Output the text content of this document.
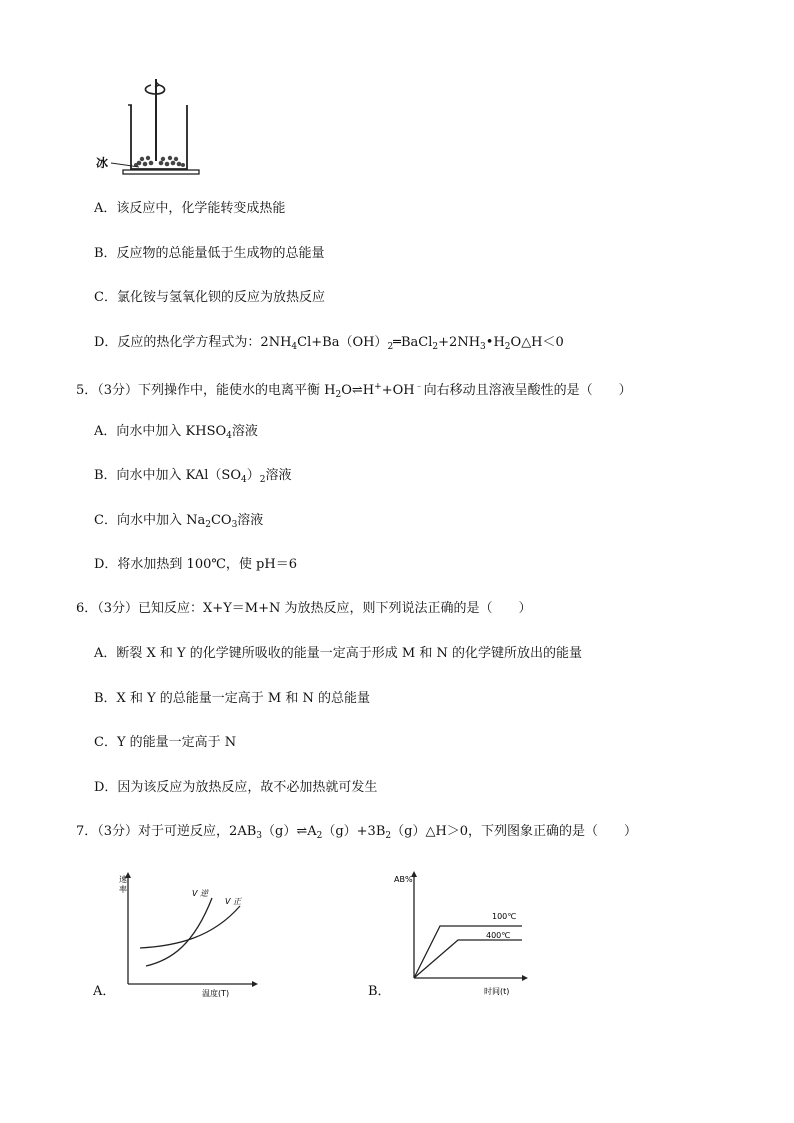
冰
A．该反应中，化学能转变成热能
B．反应物的总能量低于生成物的总能量
C．氯化铵与氢氧化钡的反应为放热反应
D．反应的热化学方程式为：$2NH_4Cl+Ba(OH)_2═BaCl_2+2NH_3•H_2O\triangle H<0$
5．（3分）下列操作中，能使水的电离平衡 $H_2O\rightleftharpoons H^++OH^﹣$向右移动且溶液呈酸性的是（　　）
A．向水中加入 $KHSO_4$溶液
B．向水中加入 $KAl(SO_4)_2$溶液
C．向水中加入 $Na_2CO_3$溶液
D．将水加热到 100℃，使 pH＝6
6．（3分）已知反应：X+Y＝M+N 为放热反应，则下列说法正确的是（　　）
A．断裂 X 和 Y 的化学键所吸收的能量一定高于形成 M 和 N 的化学键所放出的能量
B．X 和 Y 的总能量一定高于 M 和 N 的总能量
C．Y 的能量一定高于 N
D．因为该反应为放热反应，故不必加热就可发生
7．（3分）对于可逆反应，$2AB_3(g)\rightleftharpoons A_2(g)+3B_2(g)\triangle H>0$，下列图象正确的是（　　）
A．
速
率	V 逆
V 正
温度(T)	B．
AB%
100℃
400℃
时间(t)
